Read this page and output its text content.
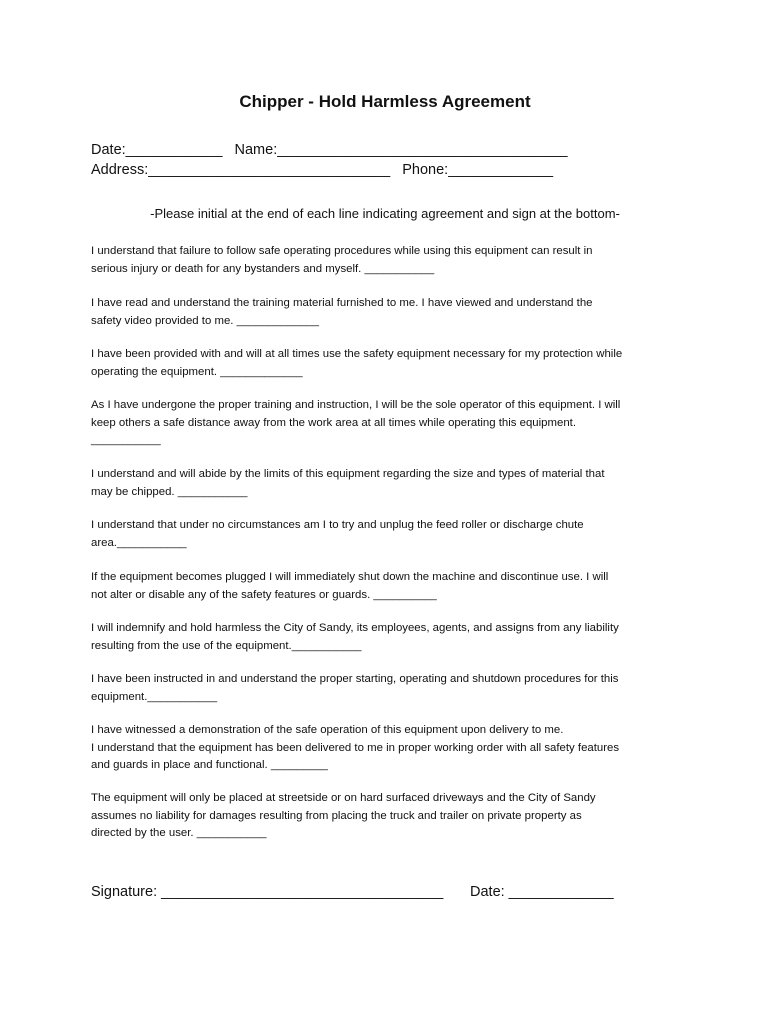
Chipper - Hold Harmless Agreement
Date:____________   Name:____________________________________
Address:______________________________   Phone:_____________
-Please initial at the end of each line indicating agreement and sign at the bottom-
I understand that failure to follow safe operating procedures while using this equipment can result in
serious injury or death for any bystanders and myself. ___________
I have read and understand the training material furnished to me. I have viewed and understand the
safety video provided to me. _____________
I have been provided with and will at all times use the safety equipment necessary for my protection while
operating the equipment. _____________
As I have undergone the proper training and instruction, I will be the sole operator of this equipment. I will
keep others a safe distance away from the work area at all times while operating this equipment.
___________
I understand and will abide by the limits of this equipment regarding the size and types of material that
may be chipped. ___________
I understand that under no circumstances am I to try and unplug the feed roller or discharge chute
area.___________
If the equipment becomes plugged I will immediately shut down the machine and discontinue use. I will
not alter or disable any of the safety features or guards. __________
I will indemnify and hold harmless the City of Sandy, its employees, agents, and assigns from any liability
resulting from the use of the equipment.___________
I have been instructed in and understand the proper starting, operating and shutdown procedures for this
equipment.___________
I have witnessed a demonstration of the safe operation of this equipment upon delivery to me.
I understand that the equipment has been delivered to me in proper working order with all safety features
and guards in place and functional. _________
The equipment will only be placed at streetside or on hard surfaced driveways and the City of Sandy
assumes no liability for damages resulting from placing the truck and trailer on private property as
directed by the user. ___________
Signature: ___________________________________ Date: _____________
